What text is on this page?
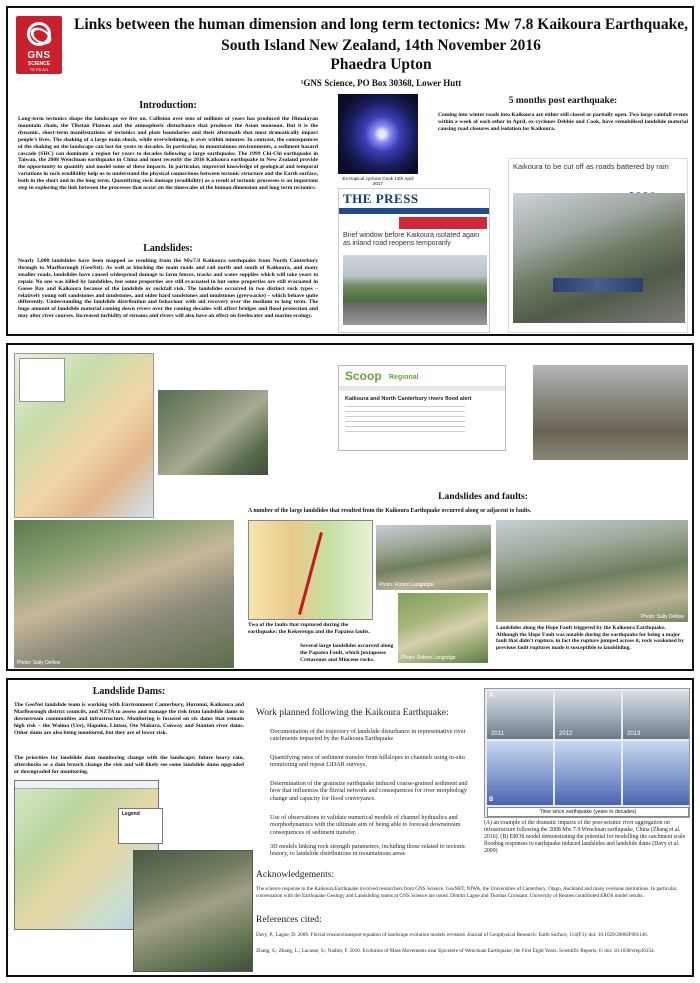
GNS
SCIENCE
TE PŪ AO
Links between the human dimension and long term tectonics: Mw 7.8 Kaikoura Earthquake, South Island New Zealand, 14th November 2016
Phaedra Upton
¹GNS Science, PO Box 30368, Lower Hutt
Introduction:
Long-term tectonics shape the landscape we live on. Collision over tens of millions of years has produced the Himalayan mountain chain, the Tibetan Plateau and the atmospheric disturbance that produces the Asian monsoon. But it is the dynamic, short-term manifestations of tectonics and plate boundaries and their aftermath that most dramatically impact people's lives. The shaking of a large main shock, while overwhelming, is over within minutes. In contrast, the consequences of the shaking on the landscape can last for years to decades. In particular, in mountainous environments, a sediment hazard cascade (SHC) can dominate a region for years to decades following a large earthquake. The 1999 Chi-Chi earthquake in Taiwan, the 2008 Wenchuan earthquake in China and most recently the 2016 Kaikoura earthquake in New Zealand provide the opportunity to quantify and model some of these impacts. In particular, improved knowledge of geological and temporal variations in rock erodibility help us to understand the physical connections between tectonic structure and the Earth surface, both in the short and in the long term. Quantifying rock damage (erodibility) as a result of tectonic processes is an important step in exploring the link between the processes that occur on the timescales of the human dimension and long term tectonics.
Landslides:
Nearly 5,000 landslides have been mapped as resulting from the Mw7.8 Kaikoura earthquake from North Canterbury through to Marlborough (GeoNet). As well as blocking the main roads and rail north and south of Kaikoura, and many smaller roads, landslides have caused widespread damage to farm fences, tracks and water supplies which will take years to repair. No one was killed by landslides, but some properties are still evacuated in but some properties are still evacuated in Goose Bay and Kaikoura because of the landslide or rockfall risk. The landslides occurred in two distinct rock types – relatively young soft sandstones and mudstones, and older hard sandstones and mudstones (greywacke) – which behave quite differently. Understanding the landslide distribution and behaviour with aid recovery over the medium to long term. The huge amount of landslide material coming down rivers over the coming decades will affect bridges and flood protection and may alter river courses. Increased turbidity of streams and rivers will also have an effect on freshwater and marine ecology.
Ex-tropical cyclone Cook 13th April 2017
THE PRESS
Brief window before Kaikoura isolated again as inland road reopens temporarily
5 months post earthquake:
Coming into winter roads into Kaikoura are either still closed or partially open. Two large rainfall events within a week of each other in April, ex-cyclones Debbie and Cook, have remobilised landslide material causing road closures and isolation for Kaikoura.
Kaikoura to be cut off as roads battered by rain
Scoop Regional
Kaikoura and North Canterbury rivers flood alert
Landslides and faults:
A number of the large landslides that resulted from the Kaikoura Earthquake occurred along or adjacent to faults.
Photo: Sally Dellow
Two of the faults that ruptured during the earthquake; the Kekerengu and the Papatea faults.
Photo: Robert Langridge
Photo: Robert Langridge
Several large landslides occurred along the Papatea Fault, which juxtaposes Cretaceous and Miocene rocks.
Photo: Sally Dellow
Landslides along the Hope Fault triggered by the Kaikoura Earthquake. Although the Hope Fault was notable during the earthquake for being a major fault that didn't rupture, in fact the rupture jumped across it, rock weakened by previous fault ruptures made it susceptible to landsliding.
Landslide Dams:
The GeoNet landslide team is working with Environment Canterbury, Hurunui, Kaikoura and Marlborough district councils, and NZTA to assess and manage the risk from landslide dams to downstream communities and infrastructure. Monitoring is focused on six dams that remain high risk – the Waima (Ure), Hapuku, Linton, Ote Makura, Conway and Stanton river dams. Other dams are also being monitored, but they are of lower risk.
The priorities for landslide dam monitoring change with the landscape; future heavy rain, aftershocks or a dam breach change the risk and will likely see some landslide dams upgraded or downgraded for monitoring.
Legend
Work planned following the Kaikoura Earthquake:
Documentation of the trajectory of landslide disturbance in representative river catchments impacted by the Kaikoura Earthquake
Quantifying rates of sediment transfer from hillslopes to channels using in-situ monitoring and repeat LiDAR surveys.
Determination of the grainsize earthquake induced coarse-grained sediment and how that influences the fluvial network and consequences for river morphology change and capacity for flood conveyance.
Use of observations to validate numerical models of channel hydraulics and morphodynamics with the ultimate aim of being able to forecast downstream consequences of sediment transfer.
3D models linking rock strength parameters, including those related to tectonic history, to landslide distributions in mountainous areas
A
2011	2012	2013
B
Time since earthquake (years to decades)
(A) an example of the dramatic impacts of the post-seismic river aggregation on infrastructure following the 2008 Mw 7.9 Wenchuan earthquake, China (Zhang et al. 2016). (B) EROS model demonstrating the potential for modelling the catchment scale flooding responses to earthquake induced landslides and landslide dams (Davy et al. 2009)
Acknowledgements:
The science response to the Kaikoura Earthquake involved researchers from GNS Science, GeoNET, NIWA, the Universities of Canterbury, Otago, Auckland and many overseas institutions. In particular, conversation with the Earthquake Geology and Landsliding teams at GNS Science are noted. Dimitri Lague and Thomas Croissant, University of Rennes contributed EROS model results.
References cited:
Davy, P., Lague, D. 2009. Fluvial erosion/transport equation of landscape evolution models revisited. Journal of Geophysical Research: Earth Surface, 114(F3): doi: 10.1029/2008JF001146.
Zhang, S.; Zhang, L.; Lacasse, S.; Nadim, F. 2016. Evolution of Mass Movements near Epicentre of Wenchuan Earthquake, the First Eight Years. Scientific Reports, 6: doi: 10.1038/srep36154.
